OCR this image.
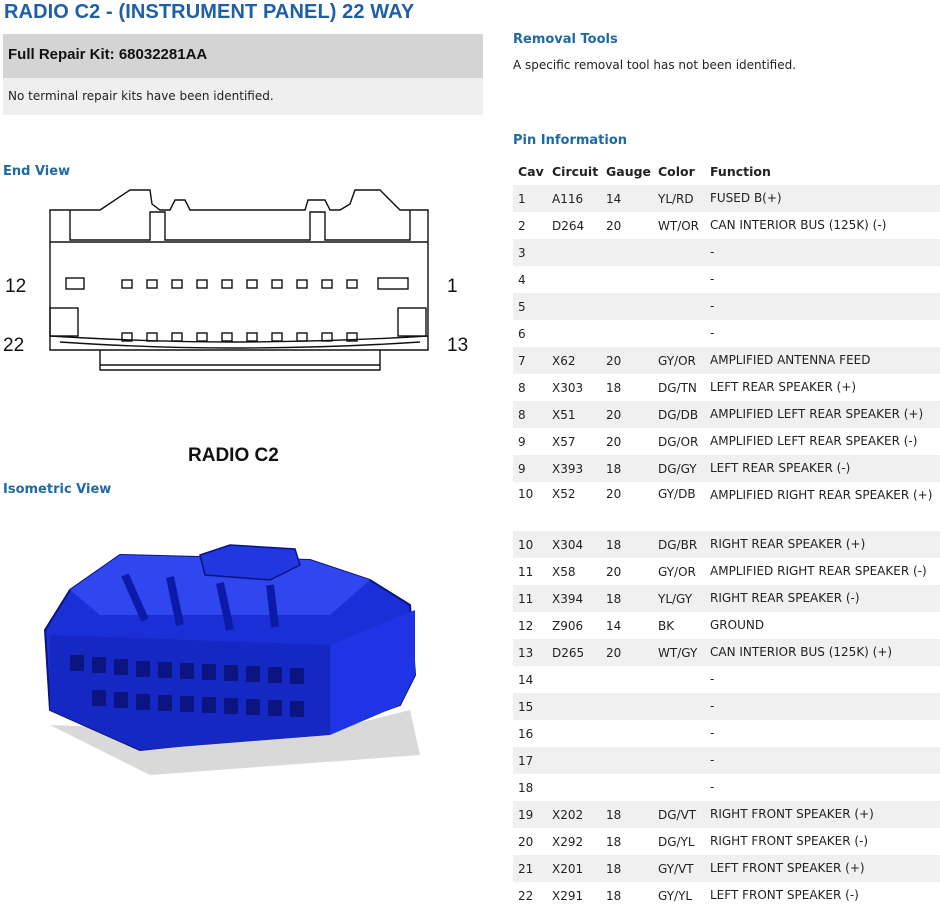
RADIO C2 - (INSTRUMENT PANEL) 22 WAY
Full Repair Kit: 68032281AA
No terminal repair kits have been identified.
Removal Tools
A specific removal tool has not been identified.
End View
12	1
22	13
RADIO C2
Isometric View
Pin Information
Cav	Circuit	Gauge	Color	Function
1	A116	14	YL/RD	FUSED B(+)
2	D264	20	WT/OR	CAN INTERIOR BUS (125K) (-)
3				-
4				-
5				-
6				-
7	X62	20	GY/OR	AMPLIFIED ANTENNA FEED
8	X303	18	DG/TN	LEFT REAR SPEAKER (+)
8	X51	20	DG/DB	AMPLIFIED LEFT REAR SPEAKER (+)
9	X57	20	DG/OR	AMPLIFIED LEFT REAR SPEAKER (-)
9	X393	18	DG/GY	LEFT REAR SPEAKER (-)
10	X52	20	GY/DB	AMPLIFIED RIGHT REAR SPEAKER (+)
10	X304	18	DG/BR	RIGHT REAR SPEAKER (+)
11	X58	20	GY/OR	AMPLIFIED RIGHT REAR SPEAKER (-)
11	X394	18	YL/GY	RIGHT REAR SPEAKER (-)
12	Z906	14	BK	GROUND
13	D265	20	WT/GY	CAN INTERIOR BUS (125K) (+)
14				-
15				-
16				-
17				-
18				-
19	X202	18	DG/VT	RIGHT FRONT SPEAKER (+)
20	X292	18	DG/YL	RIGHT FRONT SPEAKER (-)
21	X201	18	GY/VT	LEFT FRONT SPEAKER (+)
22	X291	18	GY/YL	LEFT FRONT SPEAKER (-)
